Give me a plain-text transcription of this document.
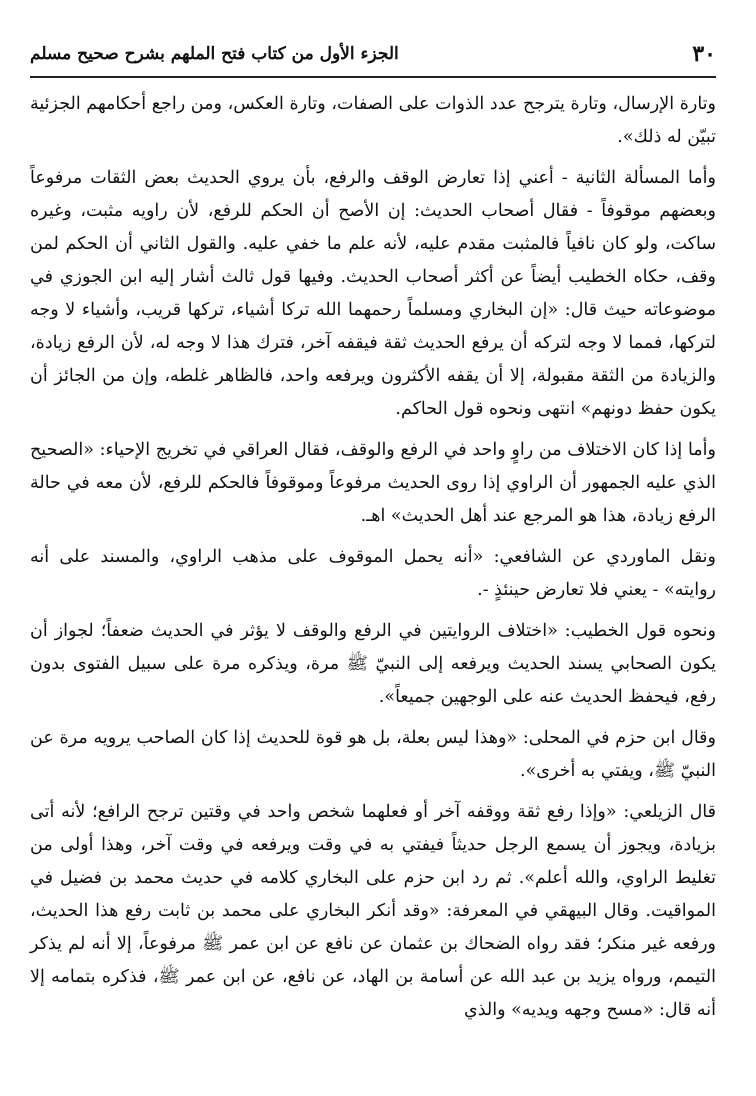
٣٠
الجزء الأول من كتاب فتح الملهم بشرح صحيح مسلم

وتارة الإرسال، وتارة يترجح عدد الذوات على الصفات، وتارة العكس، ومن راجع أحكامهم الجزئية تبيّن له ذلك».

وأما المسألة الثانية - أعني إذا تعارض الوقف والرفع، بأن يروي الحديث بعض الثقات مرفوعاً وبعضهم موقوفاً - فقال أصحاب الحديث: إن الأصح أن الحكم للرفع، لأن راويه مثبت، وغيره ساكت، ولو كان نافياً فالمثبت مقدم عليه، لأنه علم ما خفي عليه. والقول الثاني أن الحكم لمن وقف، حكاه الخطيب أيضاً عن أكثر أصحاب الحديث. وفيها قول ثالث أشار إليه ابن الجوزي في موضوعاته حيث قال: «إن البخاري ومسلماً رحمهما الله تركا أشياء، تركها قريب، وأشياء لا وجه لتركها، فمما لا وجه لتركه أن يرفع الحديث ثقة فيقفه آخر، فترك هذا لا وجه له، لأن الرفع زيادة، والزيادة من الثقة مقبولة، إلا أن يقفه الأكثرون ويرفعه واحد، فالظاهر غلطه، وإن من الجائز أن يكون حفظ دونهم» انتهى ونحوه قول الحاكم.

وأما إذا كان الاختلاف من راوٍ واحد في الرفع والوقف، فقال العراقي في تخريج الإحياء: «الصحيح الذي عليه الجمهور أن الراوي إذا روى الحديث مرفوعاً وموقوفاً فالحكم للرفع، لأن معه في حالة الرفع زيادة، هذا هو المرجع عند أهل الحديث» اهـ.

ونقل الماوردي عن الشافعي: «أنه يحمل الموقوف على مذهب الراوي، والمسند على أنه روايته» - يعني فلا تعارض حينئذٍ -.

ونحوه قول الخطيب: «اختلاف الروايتين في الرفع والوقف لا يؤثر في الحديث ضعفاً؛ لجواز أن يكون الصحابي يسند الحديث ويرفعه إلى النبيّ ﷺ مرة، ويذكره مرة على سبيل الفتوى بدون رفع، فيحفظ الحديث عنه على الوجهين جميعاً».

وقال ابن حزم في المحلى: «وهذا ليس بعلة، بل هو قوة للحديث إذا كان الصاحب يرويه مرة عن النبيّ ﷺ، ويفتي به أخرى».

قال الزيلعي: «وإذا رفع ثقة ووقفه آخر أو فعلهما شخص واحد في وقتين ترجح الرافع؛ لأنه أتى بزيادة، ويجوز أن يسمع الرجل حديثاً فيفتي به في وقت ويرفعه في وقت آخر، وهذا أولى من تغليط الراوي، والله أعلم». ثم رد ابن حزم على البخاري كلامه في حديث محمد بن فضيل في المواقيت. وقال البيهقي في المعرفة: «وقد أنكر البخاري على محمد بن ثابت رفع هذا الحديث، ورفعه غير منكر؛ فقد رواه الضحاك بن عثمان عن نافع عن ابن عمر ﷺ مرفوعاً، إلا أنه لم يذكر التيمم، ورواه يزيد بن عبد الله عن أسامة بن الهاد، عن نافع، عن ابن عمر ﷺ، فذكره بتمامه إلا أنه قال: «مسح وجهه ويديه» والذي
